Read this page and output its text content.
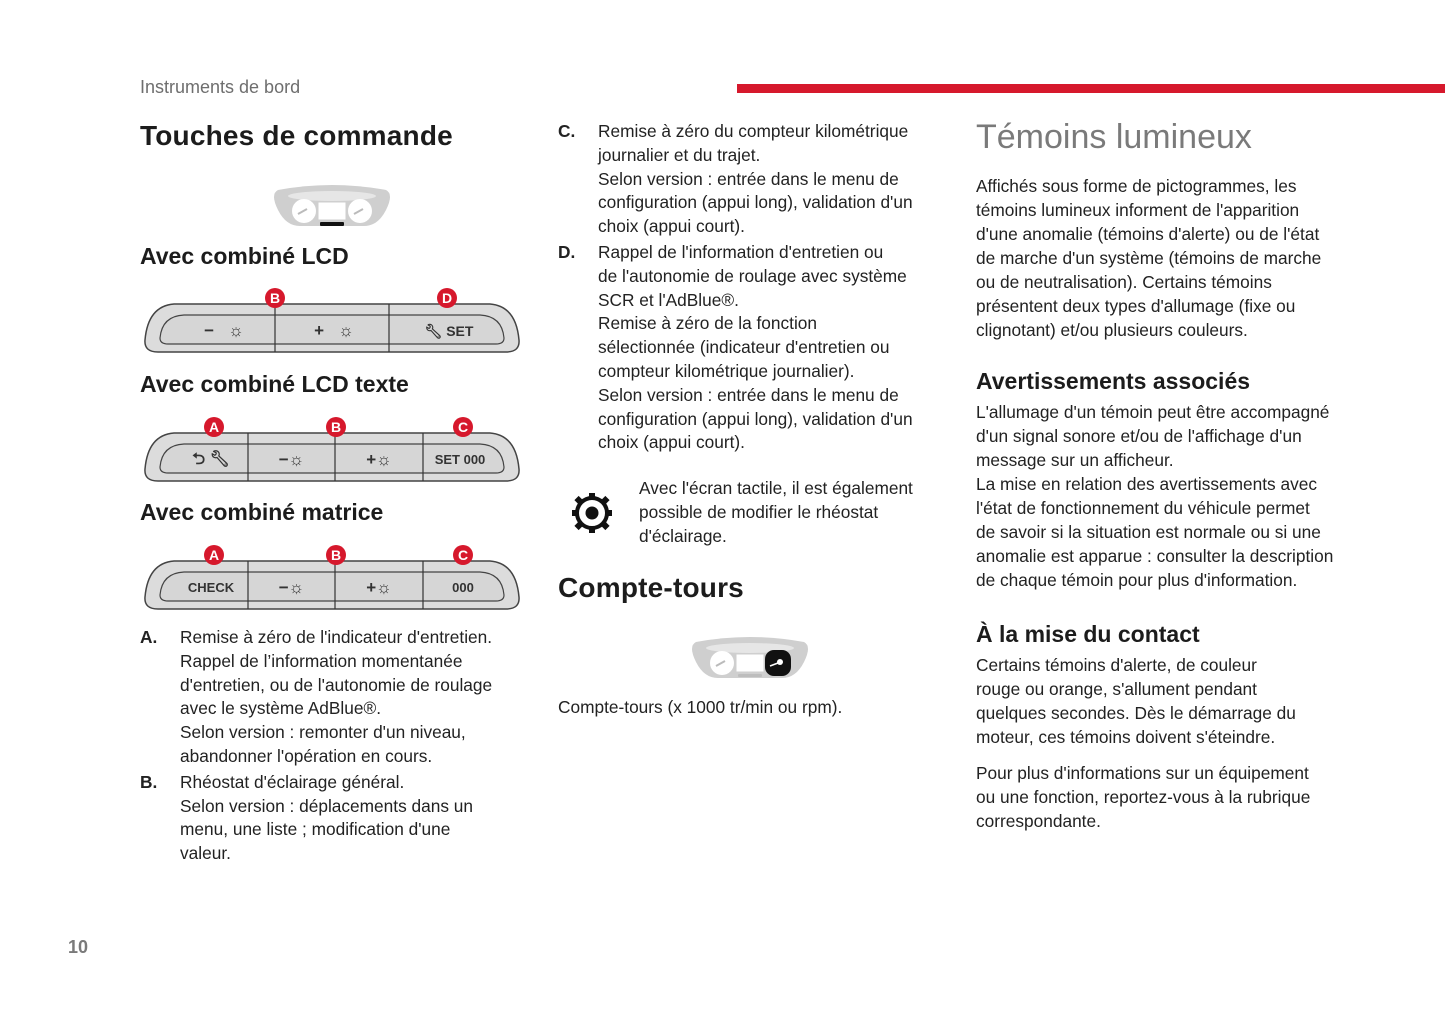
Instruments de bord
Touches de commande
Avec combiné LCD
B	D
− ☼	+ ☼	🔧︎ SET
Avec combiné LCD texte
A	B	C
⮌ 🔧︎	−☼	+☼	SET 000
Avec combiné matrice
A	B	C
CHECK	−☼	+☼	000
A.	Remise à zéro de l'indicateur d'entretien.
Rappel de l’information momentanée
d'entretien, ou de l'autonomie de roulage
avec le système AdBlue®.
Selon version : remonter d'un niveau,
abandonner l'opération en cours.
B.	Rhéostat d'éclairage général.
Selon version : déplacements dans un
menu, une liste ; modification d'une
valeur.
C.	Remise à zéro du compteur kilométrique
journalier et du trajet.
Selon version : entrée dans le menu de
configuration (appui long), validation d'un
choix (appui court).
D.	Rappel de l'information d'entretien ou
de l'autonomie de roulage avec système
SCR et l'AdBlue®.
Remise à zéro de la fonction
sélectionnée (indicateur d'entretien ou
compteur kilométrique journalier).
Selon version : entrée dans le menu de
configuration (appui long), validation d'un
choix (appui court).
Avec l'écran tactile, il est également
possible de modifier le rhéostat
d'éclairage.
Compte-tours

Compte-tours (x 1000 tr/min ou rpm).

Témoins lumineux
Affichés sous forme de pictogrammes, les
témoins lumineux informent de l'apparition
d'une anomalie (témoins d'alerte) ou de l'état
de marche d'un système (témoins de marche
ou de neutralisation). Certains témoins
présentent deux types d'allumage (fixe ou
clignotant) et/ou plusieurs couleurs.
Avertissements associés
L'allumage d'un témoin peut être accompagné
d'un signal sonore et/ou de l'affichage d'un
message sur un afficheur.
La mise en relation des avertissements avec
l'état de fonctionnement du véhicule permet
de savoir si la situation est normale ou si une
anomalie est apparue : consulter la description
de chaque témoin pour plus d'information.
À la mise du contact
Certains témoins d'alerte, de couleur
rouge ou orange, s'allument pendant
quelques secondes. Dès le démarrage du
moteur, ces témoins doivent s'éteindre.
Pour plus d'informations sur un équipement
ou une fonction, reportez-vous à la rubrique
correspondante.
10
